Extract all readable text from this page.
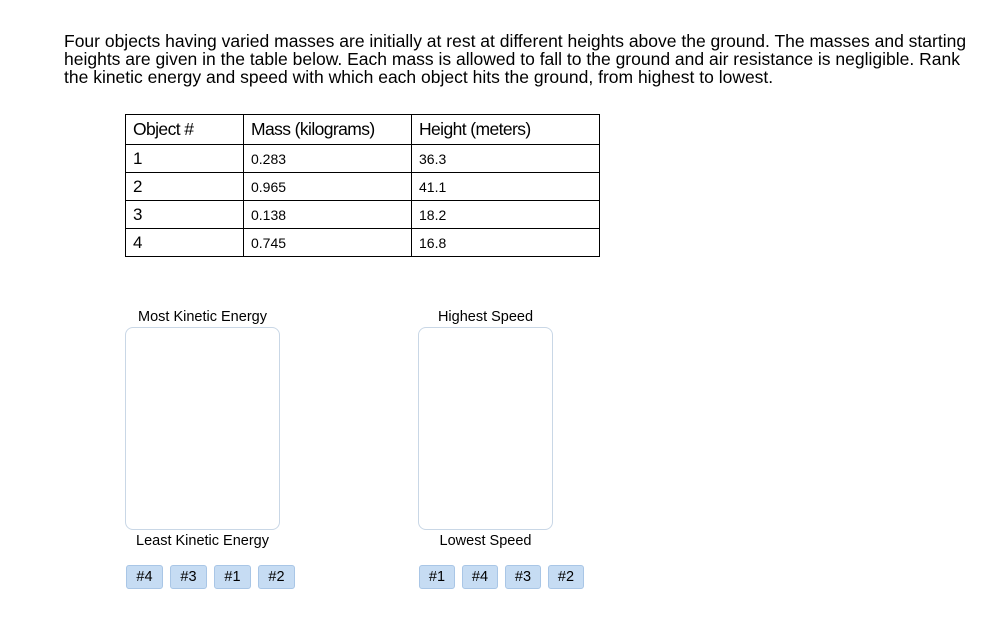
Four objects having varied masses are initially at rest at different heights above the ground. The masses and starting heights are given in the table below. Each mass is allowed to fall to the ground and air resistance is negligible. Rank the kinetic energy and speed with which each object hits the ground, from highest to lowest.

Object #	Mass (kilograms)	Height (meters)
1	0.283	36.3
2	0.965	41.1
3	0.138	18.2
4	0.745	16.8
Most Kinetic Energy
Least Kinetic Energy
#4	#3	#1	#2
Highest Speed
Lowest Speed
#1	#4	#3	#2
